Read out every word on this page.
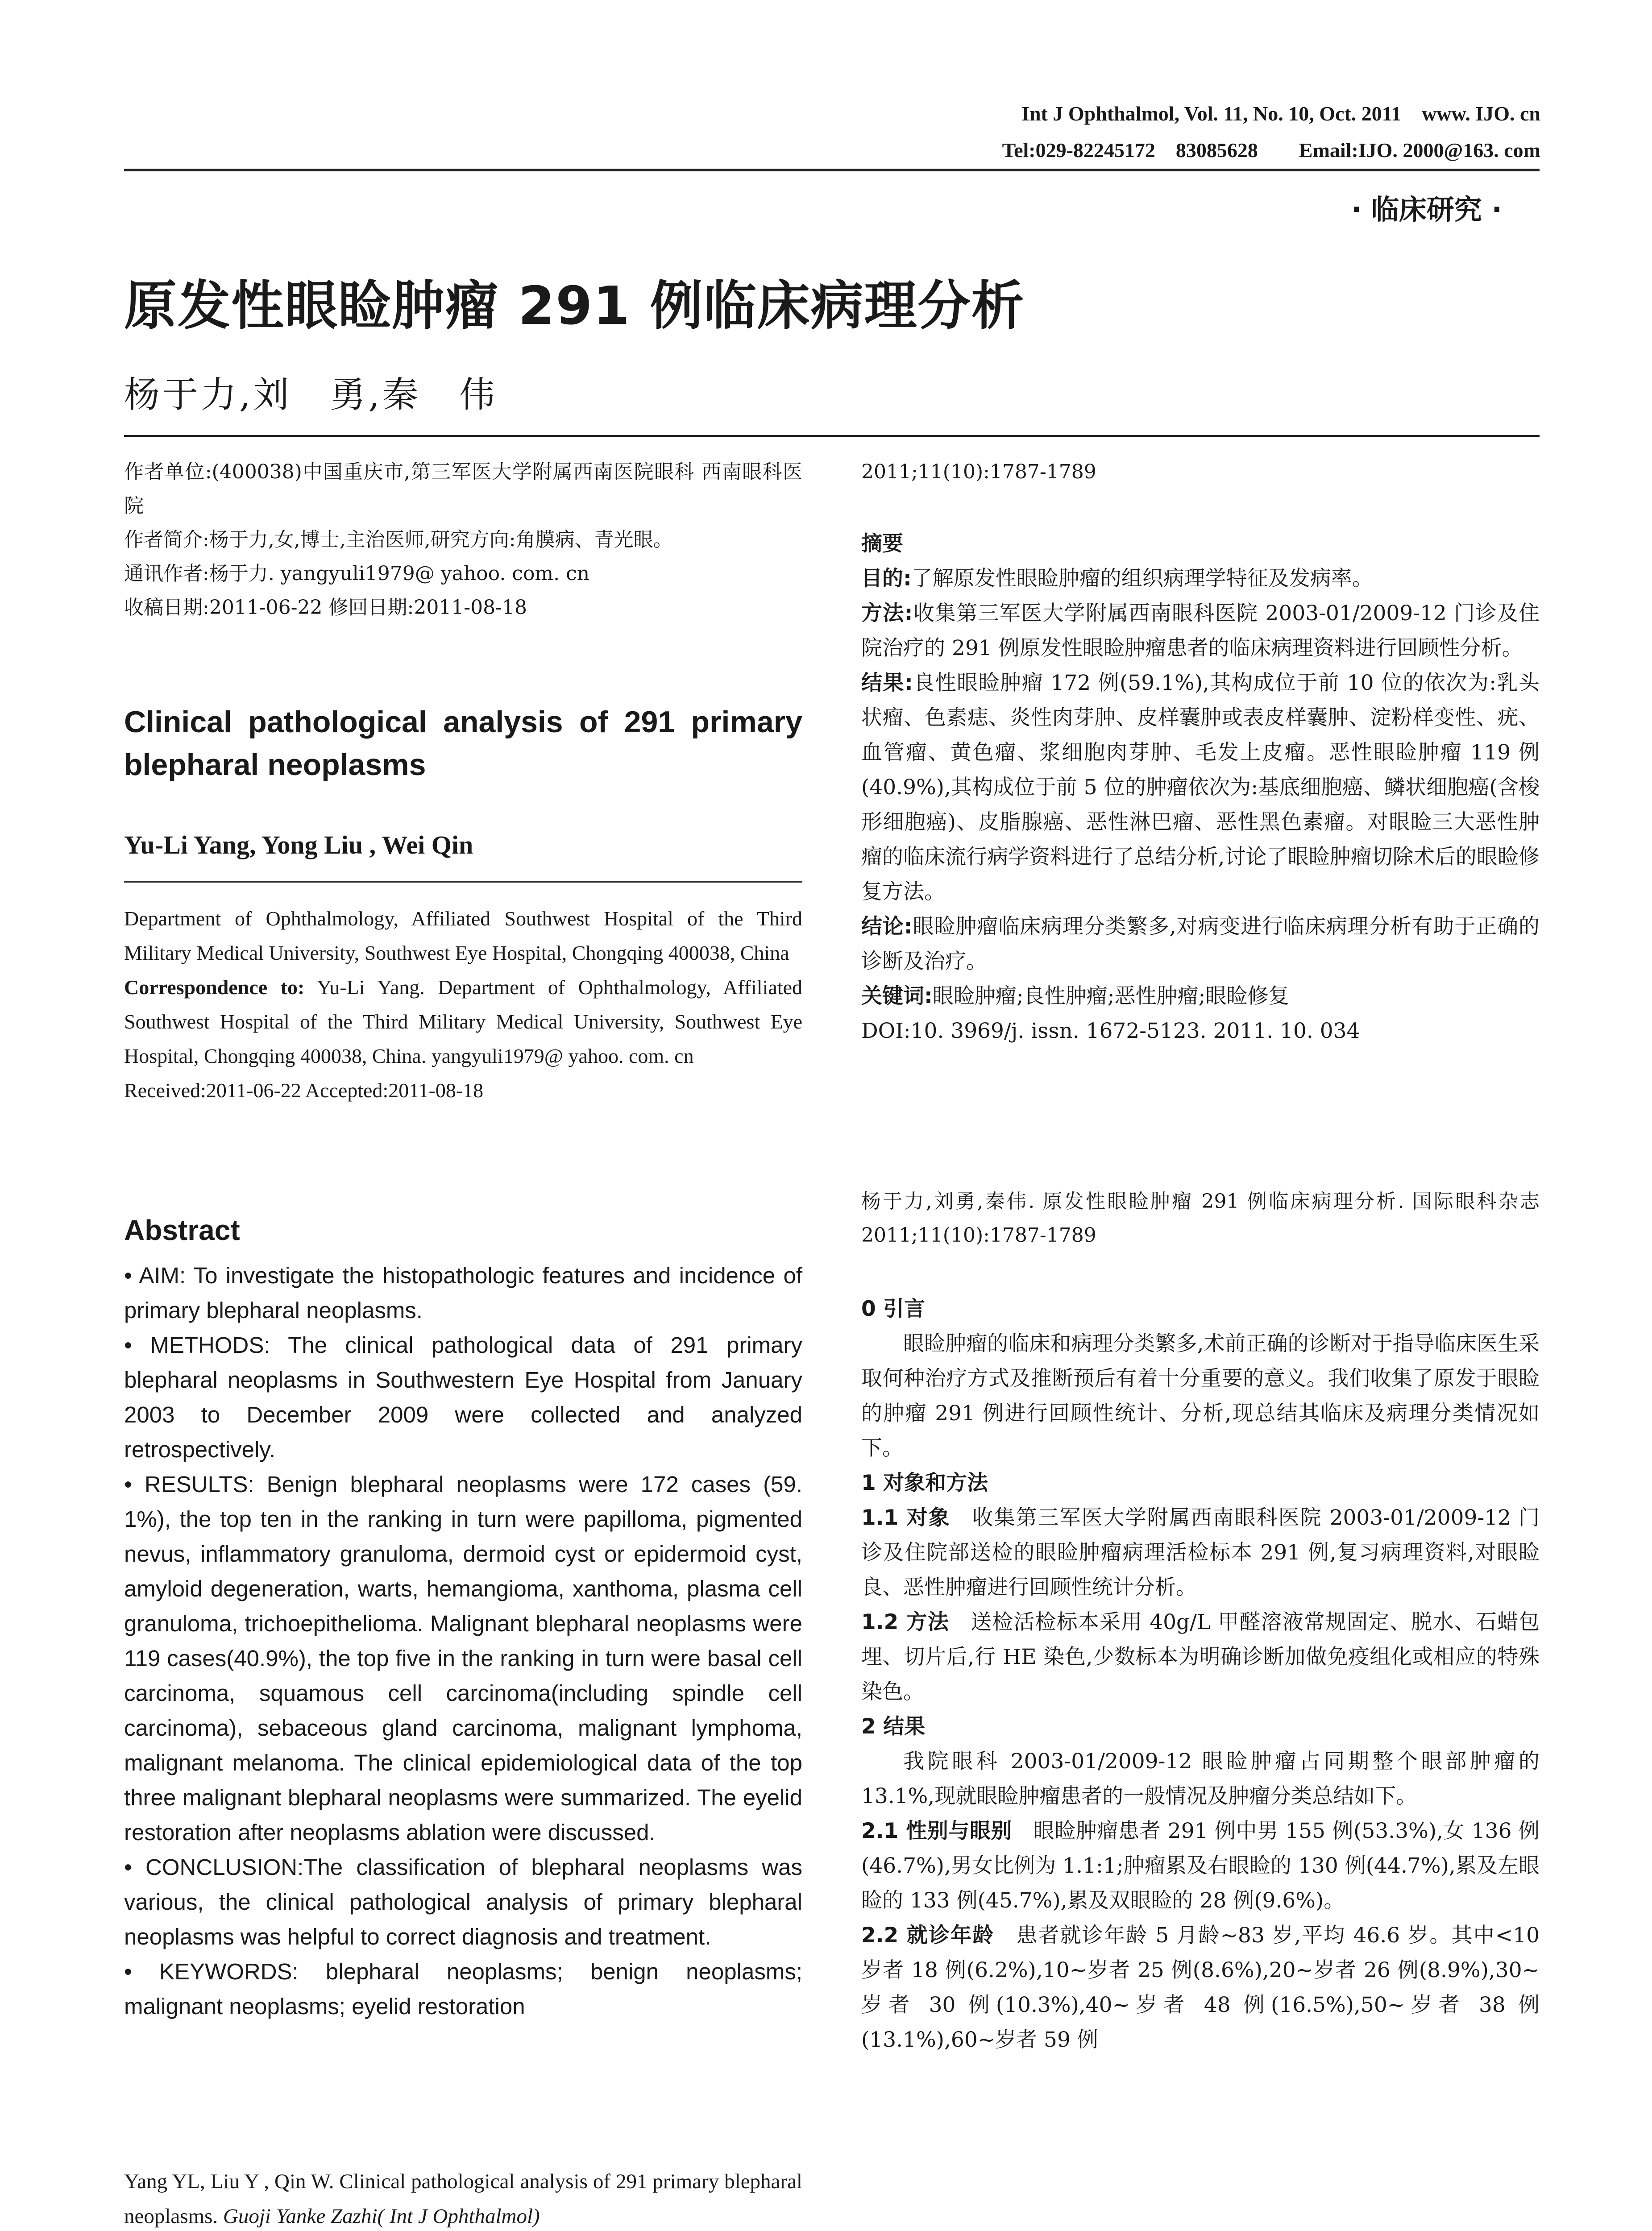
Int J Ophthalmol, Vol. 11, No. 10, Oct. 2011    www. IJO. cn
Tel:029-82245172    83085628        Email:IJO. 2000@163. com
· 临床研究 ·
原发性眼睑肿瘤 291 例临床病理分析
杨于力,刘　勇,秦　伟

作者单位:(400038)中国重庆市,第三军医大学附属西南医院眼科 西南眼科医院

作者简介:杨于力,女,博士,主治医师,研究方向:角膜病、青光眼。

通讯作者:杨于力. yangyuli1979@ yahoo. com. cn

收稿日期:2011-06-22 修回日期:2011-08-18

Clinical pathological analysis of 291 primary blepharal neoplasms
Yu-Li Yang, Yong Liu , Wei Qin

Department of Ophthalmology, Affiliated Southwest Hospital of the Third Military Medical University, Southwest Eye Hospital, Chongqing 400038, China

Correspondence to: Yu-Li Yang. Department of Ophthalmology, Affiliated Southwest Hospital of the Third Military Medical University, Southwest Eye Hospital, Chongqing 400038, China. yangyuli1979@ yahoo. com. cn

Received:2011-06-22 Accepted:2011-08-18

Abstract

• AIM: To investigate the histopathologic features and incidence of primary blepharal neoplasms.

• METHODS: The clinical pathological data of 291 primary blepharal neoplasms in Southwestern Eye Hospital from January 2003 to December 2009 were collected and analyzed retrospectively.

• RESULTS: Benign blepharal neoplasms were 172 cases (59. 1%), the top ten in the ranking in turn were papilloma, pigmented nevus, inflammatory granuloma, dermoid cyst or epidermoid cyst, amyloid degeneration, warts, hemangioma, xanthoma, plasma cell granuloma, trichoepithelioma. Malignant blepharal neoplasms were 119 cases(40.9%), the top five in the ranking in turn were basal cell carcinoma, squamous cell carcinoma(including spindle cell carcinoma), sebaceous gland carcinoma, malignant lymphoma, malignant melanoma. The clinical epidemiological data of the top three malignant blepharal neoplasms were summarized. The eyelid restoration after neoplasms ablation were discussed.

• CONCLUSION:The classification of blepharal neoplasms was various, the clinical pathological analysis of primary blepharal neoplasms was helpful to correct diagnosis and treatment.

• KEYWORDS: blepharal neoplasms; benign neoplasms; malignant neoplasms; eyelid restoration

Yang YL, Liu Y , Qin W. Clinical pathological analysis of 291 primary blepharal neoplasms. Guoji Yanke Zazhi( Int J Ophthalmol)
2011;11(10):1787-1789

摘要

目的:了解原发性眼睑肿瘤的组织病理学特征及发病率。

方法:收集第三军医大学附属西南眼科医院 2003-01/2009-12 门诊及住院治疗的 291 例原发性眼睑肿瘤患者的临床病理资料进行回顾性分析。

结果:良性眼睑肿瘤 172 例(59.1%),其构成位于前 10 位的依次为:乳头状瘤、色素痣、炎性肉芽肿、皮样囊肿或表皮样囊肿、淀粉样变性、疣、血管瘤、黄色瘤、浆细胞肉芽肿、毛发上皮瘤。恶性眼睑肿瘤 119 例(40.9%),其构成位于前 5 位的肿瘤依次为:基底细胞癌、鳞状细胞癌(含梭形细胞癌)、皮脂腺癌、恶性淋巴瘤、恶性黑色素瘤。对眼睑三大恶性肿瘤的临床流行病学资料进行了总结分析,讨论了眼睑肿瘤切除术后的眼睑修复方法。

结论:眼睑肿瘤临床病理分类繁多,对病变进行临床病理分析有助于正确的诊断及治疗。

关键词:眼睑肿瘤;良性肿瘤;恶性肿瘤;眼睑修复

DOI:10. 3969/j. issn. 1672-5123. 2011. 10. 034

杨于力,刘勇,秦伟. 原发性眼睑肿瘤 291 例临床病理分析. 国际眼科杂志 2011;11(10):1787-1789

0 引言

眼睑肿瘤的临床和病理分类繁多,术前正确的诊断对于指导临床医生采取何种治疗方式及推断预后有着十分重要的意义。我们收集了原发于眼睑的肿瘤 291 例进行回顾性统计、分析,现总结其临床及病理分类情况如下。

1 对象和方法

1.1 对象　收集第三军医大学附属西南眼科医院 2003-01/2009-12 门诊及住院部送检的眼睑肿瘤病理活检标本 291 例,复习病理资料,对眼睑良、恶性肿瘤进行回顾性统计分析。

1.2 方法　送检活检标本采用 40g/L 甲醛溶液常规固定、脱水、石蜡包埋、切片后,行 HE 染色,少数标本为明确诊断加做免疫组化或相应的特殊染色。

2 结果

我院眼科 2003-01/2009-12 眼睑肿瘤占同期整个眼部肿瘤的 13.1%,现就眼睑肿瘤患者的一般情况及肿瘤分类总结如下。

2.1 性别与眼别　眼睑肿瘤患者 291 例中男 155 例(53.3%),女 136 例(46.7%),男女比例为 1.1:1;肿瘤累及右眼睑的 130 例(44.7%),累及左眼睑的 133 例(45.7%),累及双眼睑的 28 例(9.6%)。

2.2 就诊年龄　患者就诊年龄 5 月龄~83 岁,平均 46.6 岁。其中<10 岁者 18 例(6.2%),10~岁者 25 例(8.6%),20~岁者 26 例(8.9%),30~岁者 30 例(10.3%),40~岁者 48 例(16.5%),50~岁者 38 例(13.1%),60~岁者 59 例
